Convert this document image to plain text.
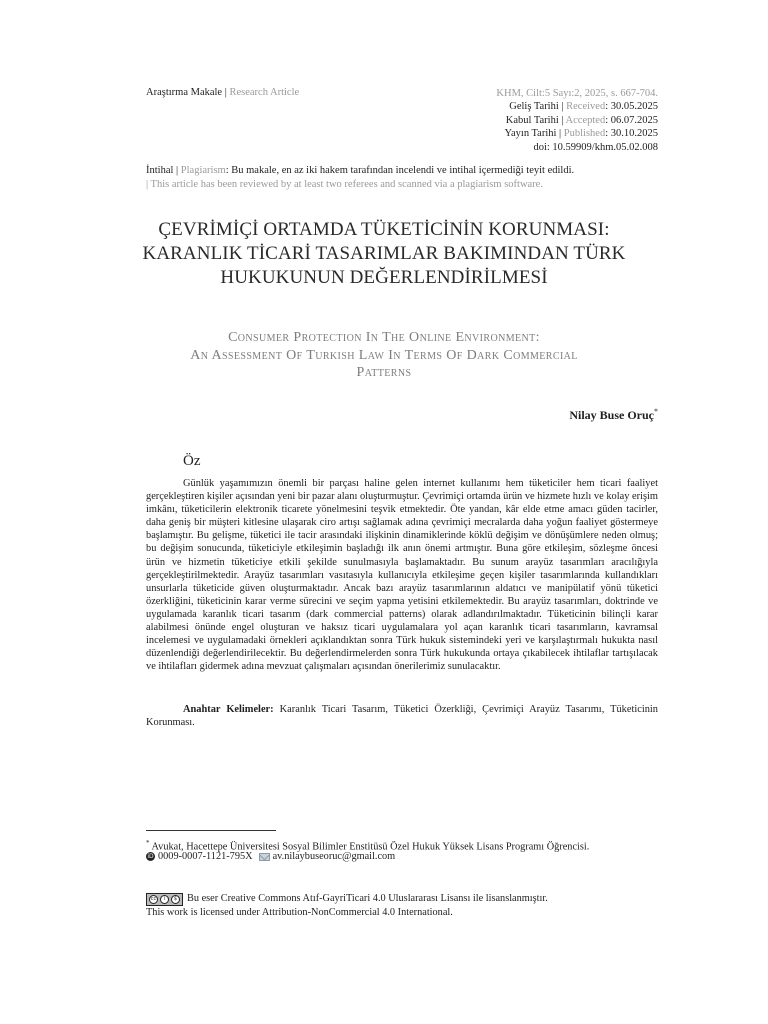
Araştırma Makale | Research Article	KHM, Cilt:5 Sayı:2, 2025, s. 667-704.
Geliş Tarihi | Received: 30.05.2025
Kabul Tarihi | Accepted: 06.07.2025
Yayın Tarihi | Published: 30.10.2025
doi: 10.59909/khm.05.02.008
İntihal | Plagiarism: Bu makale, en az iki hakem tarafından incelendi ve intihal içermediği teyit edildi.
| This article has been reviewed by at least two referees and scanned via a plagiarism software.
ÇEVRİMİÇİ ORTAMDA TÜKETİCİNİN KORUNMASI:
KARANLIK TİCARİ TASARIMLAR BAKIMINDAN TÜRK
HUKUKUNUN DEĞERLENDİRİLMESİ
Consumer Protection In The Online Environment:
An Assessment Of Turkish Law In Terms Of Dark Commercial
Patterns
Nilay Buse Oruç*
Öz

Günlük yaşamımızın önemli bir parçası haline gelen internet kullanımı hem tüketiciler hem ticari faaliyet gerçekleştiren kişiler açısından yeni bir pazar alanı oluşturmuştur. Çevrimiçi ortamda ürün ve hizmete hızlı ve kolay erişim imkânı, tüketicilerin elektronik ticarete yönelmesini teşvik etmektedir. Öte yandan, kâr elde etme amacı güden tacirler, daha geniş bir müşteri kitlesine ulaşarak ciro artışı sağlamak adına çevrimiçi mecralarda daha yoğun faaliyet göstermeye başlamıştır. Bu gelişme, tüketici ile tacir arasındaki ilişkinin dinamiklerinde köklü değişim ve dönüşümlere neden olmuş; bu değişim sonucunda, tüketiciyle etkileşimin başladığı ilk anın önemi artmıştır. Buna göre etkileşim, sözleşme öncesi ürün ve hizmetin tüketiciye etkili şekilde sunulmasıyla başlamaktadır. Bu sunum arayüz tasarımları aracılığıyla gerçekleştirilmektedir. Arayüz tasarımları vasıtasıyla kullanıcıyla etkileşime geçen kişiler tasarımlarında kullandıkları unsurlarla tüketicide güven oluşturmaktadır. Ancak bazı arayüz tasarımlarının aldatıcı ve manipülatif yönü tüketici özerkliğini, tüketicinin karar verme sürecini ve seçim yapma yetisini etkilemektedir. Bu arayüz tasarımları, doktrinde ve uygulamada karanlık ticari tasarım (dark commercial patterns) olarak adlandırılmaktadır. Tüketicinin bilinçli karar alabilmesi önünde engel oluşturan ve haksız ticari uygulamalara yol açan karanlık ticari tasarımların, kavramsal incelemesi ve uygulamadaki örnekleri açıklandıktan sonra Türk hukuk sistemindeki yeri ve karşılaştırmalı hukukta nasıl düzenlendiği değerlendirilecektir. Bu değerlendirmelerden sonra Türk hukukunda ortaya çıkabilecek ihtilaflar tartışılacak ve ihtilafları gidermek adına mevzuat çalışmaları açısından önerilerimiz sunulacaktır.

Anahtar Kelimeler: Karanlık Ticari Tasarım, Tüketici Özerkliği, Çevrimiçi Arayüz Tasarımı, Tüketicinin Korunması.

* Avukat, Hacettepe Üniversitesi Sosyal Bilimler Enstitüsü Özel Hukuk Yüksek Lisans Programı Öğrencisi.
iD 0009-0007-1121-795X av.nilaybuseoruc@gmail.com
cc	i	$ Bu eser Creative Commons Atıf-GayriTicari 4.0 Uluslararası Lisansı ile lisanslanmıştır.
This work is licensed under Attribution-NonCommercial 4.0 International.
